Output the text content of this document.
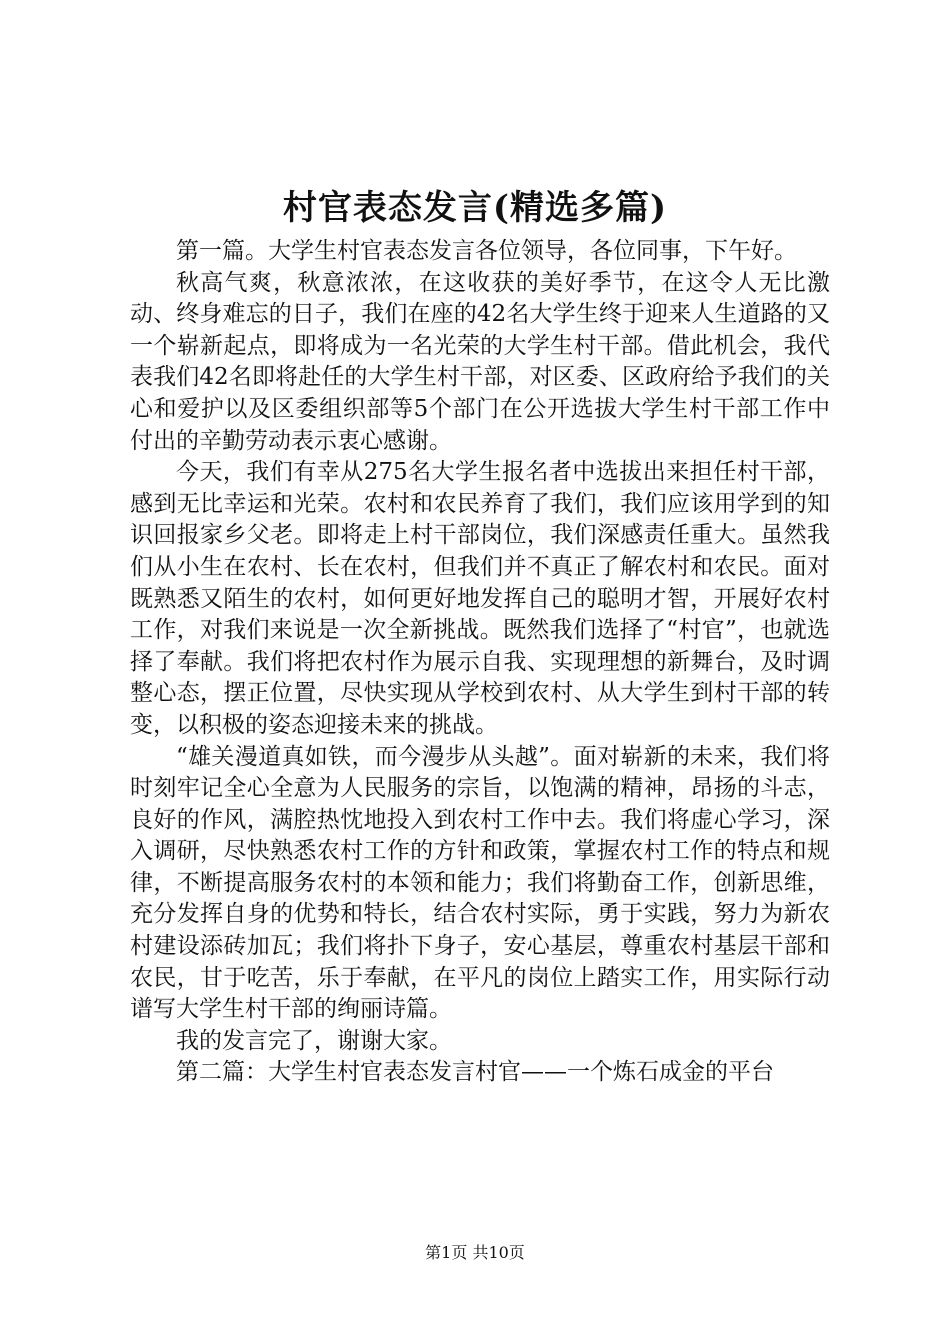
村官表态发言(精选多篇)

第一篇。大学生村官表态发言各位领导，各位同事，下午好。

秋高气爽，秋意浓浓，在这收获的美好季节，在这令人无比激动、终身难忘的日子，我们在座的42名大学生终于迎来人生道路的又一个崭新起点，即将成为一名光荣的大学生村干部。借此机会，我代表我们42名即将赴任的大学生村干部，对区委、区政府给予我们的关心和爱护以及区委组织部等5个部门在公开选拔大学生村干部工作中付出的辛勤劳动表示衷心感谢。

今天，我们有幸从275名大学生报名者中选拔出来担任村干部，感到无比幸运和光荣。农村和农民养育了我们，我们应该用学到的知识回报家乡父老。即将走上村干部岗位，我们深感责任重大。虽然我们从小生在农村、长在农村，但我们并不真正了解农村和农民。面对既熟悉又陌生的农村，如何更好地发挥自己的聪明才智，开展好农村工作，对我们来说是一次全新挑战。既然我们选择了“村官”，也就选择了奉献。我们将把农村作为展示自我、实现理想的新舞台，及时调整心态，摆正位置，尽快实现从学校到农村、从大学生到村干部的转变，以积极的姿态迎接未来的挑战。

“雄关漫道真如铁，而今漫步从头越”。面对崭新的未来，我们将时刻牢记全心全意为人民服务的宗旨，以饱满的精神，昂扬的斗志，良好的作风，满腔热忱地投入到农村工作中去。我们将虚心学习，深入调研，尽快熟悉农村工作的方针和政策，掌握农村工作的特点和规律，不断提高服务农村的本领和能力；我们将勤奋工作，创新思维，充分发挥自身的优势和特长，结合农村实际，勇于实践，努力为新农村建设添砖加瓦；我们将扑下身子，安心基层，尊重农村基层干部和农民，甘于吃苦，乐于奉献，在平凡的岗位上踏实工作，用实际行动谱写大学生村干部的绚丽诗篇。

我的发言完了，谢谢大家。

第二篇：大学生村官表态发言村官——一个炼石成金的平台

第1页 共10页
